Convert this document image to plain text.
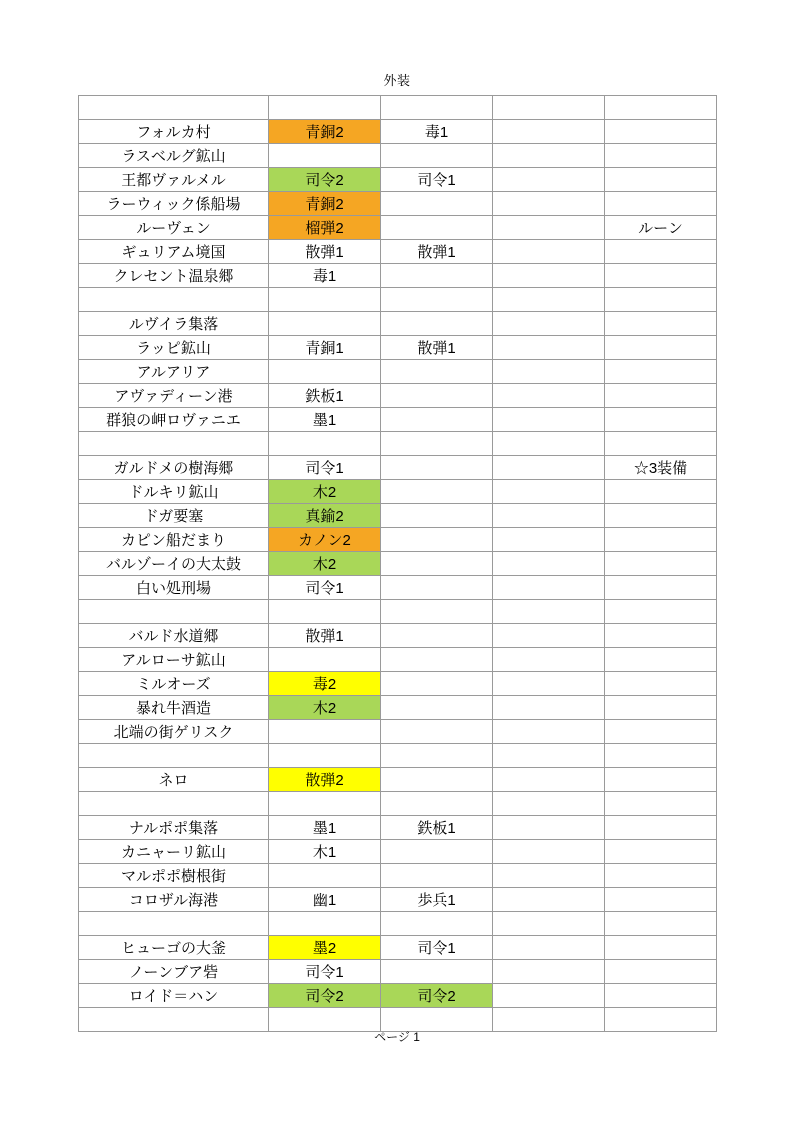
外装

フォルカ村	青銅2	毒1		
ラスベルグ鉱山				
王都ヴァルメル	司令2	司令1		
ラーウィック係船場	青銅2			
ルーヴェン	榴弾2			ルーン
ギュリアム境国	散弾1	散弾1		
クレセント温泉郷	毒1			

ルヴイラ集落				
ラッピ鉱山	青銅1	散弾1		
アルアリア				
アヴァディーン港	鉄板1			
群狼の岬ロヴァニエ	墨1			

ガルドメの樹海郷	司令1			☆3装備
ドルキリ鉱山	木2			
ドガ要塞	真鍮2			
カピン船だまり	カノン2			
バルゾーイの大太鼓	木2			
白い処刑場	司令1			

バルド水道郷	散弾1			
アルローサ鉱山				
ミルオーズ	毒2			
暴れ牛酒造	木2			
北端の街ゲリスク				

ネロ	散弾2			

ナルポポ集落	墨1	鉄板1		
カニャーリ鉱山	木1			
マルポポ樹根街				
コロザル海港	幽1	歩兵1		

ヒューゴの大釜	墨2	司令1		
ノーンブア砦	司令1			
ロイド＝ハン	司令2	司令2		

ページ 1
